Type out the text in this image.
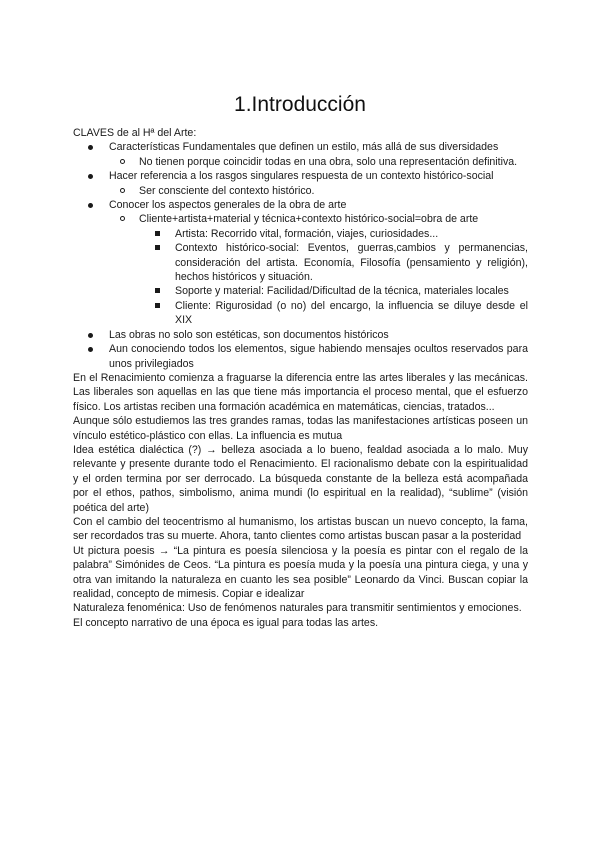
1.Introducción

CLAVES de al Hª del Arte:

Características Fundamentales que definen un estilo, más allá de sus diversidades
No tienen porque coincidir todas en una obra, solo una representación definitiva.
Hacer referencia a los rasgos singulares respuesta de un contexto histórico-social
Ser consciente del contexto histórico.
Conocer los aspectos generales de la obra de arte
Cliente+artista+material y técnica+contexto histórico-social=obra de arte
Artista: Recorrido vital, formación, viajes, curiosidades...
Contexto histórico-social: Eventos, guerras,cambios y permanencias, consideración del artista. Economía, Filosofía (pensamiento y religión), hechos históricos y situación.
Soporte y material: Facilidad/Dificultad de la técnica, materiales locales
Cliente: Rigurosidad (o no) del encargo, la influencia se diluye desde el XIX
Las obras no solo son estéticas, son documentos históricos
Aun conociendo todos los elementos, sigue habiendo mensajes ocultos reservados para unos privilegiados

En el Renacimiento comienza a fraguarse la diferencia entre las artes liberales y las mecánicas. Las liberales son aquellas en las que tiene más importancia el proceso mental, que el esfuerzo físico. Los artistas reciben una formación académica en matemáticas, ciencias, tratados...

Aunque sólo estudiemos las tres grandes ramas, todas las manifestaciones artísticas poseen un vínculo estético-plástico con ellas. La influencia es mutua

Idea estética dialéctica (?) → belleza asociada a lo bueno, fealdad asociada a lo malo. Muy relevante y presente durante todo el Renacimiento. El racionalismo debate con la espiritualidad y el orden termina por ser derrocado. La búsqueda constante de la belleza está acompañada por el ethos, pathos, simbolismo, anima mundi (lo espiritual en la realidad), “sublime” (visión poética del arte)

Con el cambio del teocentrismo al humanismo, los artistas buscan un nuevo concepto, la fama, ser recordados tras su muerte. Ahora, tanto clientes como artistas buscan pasar a la posteridad

Ut pictura poesis → “La pintura es poesía silenciosa y la poesía es pintar con el regalo de la palabra” Simónides de Ceos. “La pintura es poesía muda y la poesía una pintura ciega, y una y otra van imitando la naturaleza en cuanto les sea posible” Leonardo da Vinci. Buscan copiar la realidad, concepto de mimesis. Copiar e idealizar

Naturaleza fenoménica: Uso de fenómenos naturales para transmitir sentimientos y emociones.

El concepto narrativo de una época es igual para todas las artes.
